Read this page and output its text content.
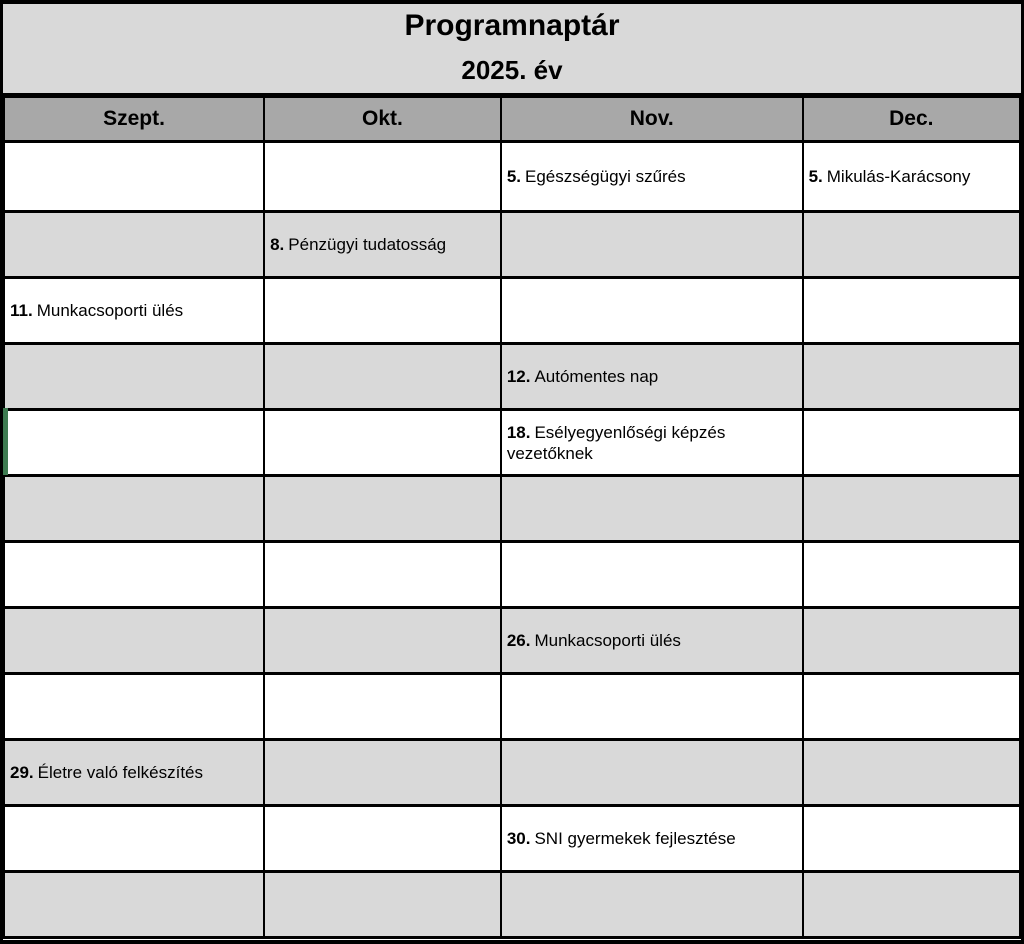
Programnaptár
2025. év
Szept.	Okt.	Nov.	Dec.
		5. Egészségügyi szűrés	5. Mikulás-Karácsony
	8. Pénzügyi tudatosság		
11. Munkacsoporti ülés			
		12. Autómentes nap	
		18. Esélyegyenlőségi képzés vezetőknek	

		26. Munkacsoporti ülés	

29. Életre való felkészítés			
		30. SNI gyermekek fejlesztése	
